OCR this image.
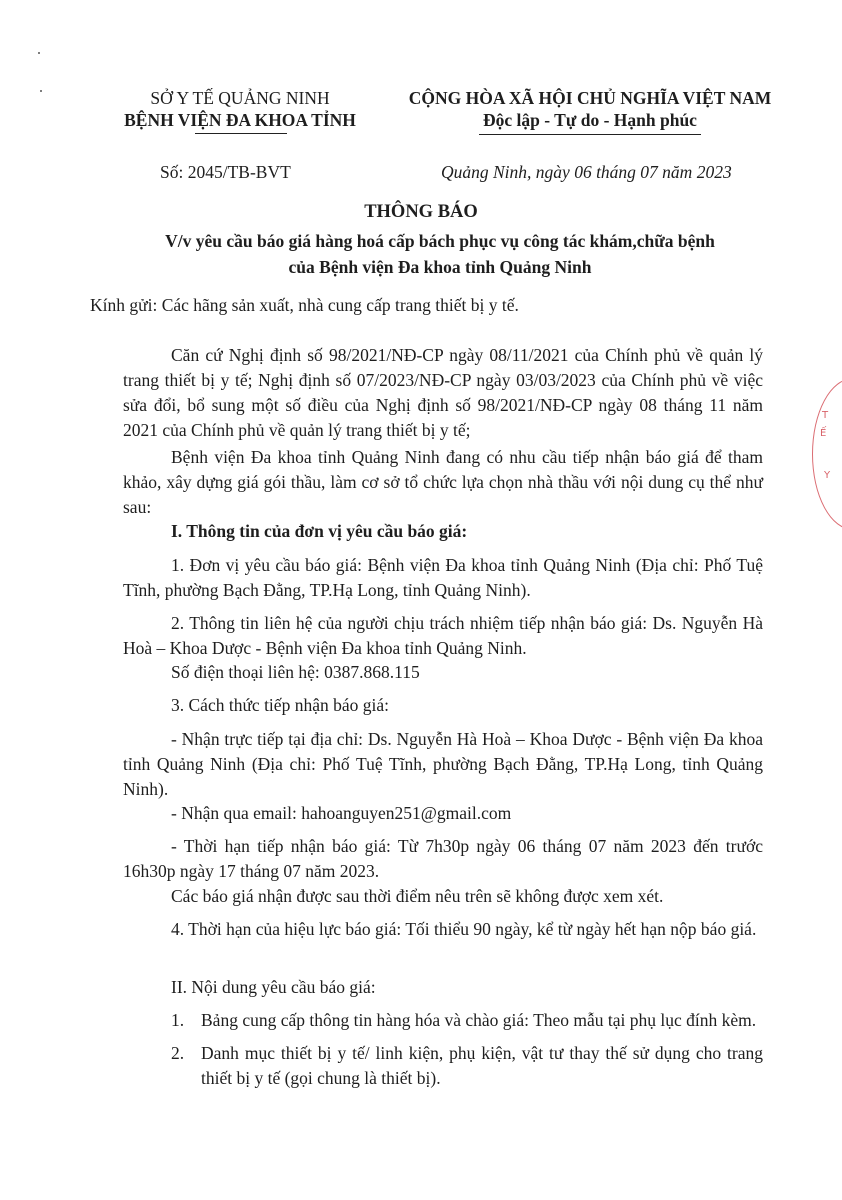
SỞ Y TẾ QUẢNG NINH
BỆNH VIỆN ĐA KHOA TỈNH
CỘNG HÒA XÃ HỘI CHỦ NGHĨA VIỆT NAM
Độc lập - Tự do - Hạnh phúc
Số: 2045/TB-BVT	Quảng Ninh, ngày 06 tháng 07 năm 2023
THÔNG BÁO
V/v yêu cầu báo giá hàng hoá cấp bách phục vụ công tác khám,chữa bệnh
của Bệnh viện Đa khoa tỉnh Quảng Ninh
Kính gửi: Các hãng sản xuất, nhà cung cấp trang thiết bị y tế.
Căn cứ Nghị định số 98/2021/NĐ-CP ngày 08/11/2021 của Chính phủ về quản lý trang thiết bị y tế; Nghị định số 07/2023/NĐ-CP ngày 03/03/2023 của Chính phủ về việc sửa đổi, bổ sung một số điều của Nghị định số 98/2021/NĐ-CP ngày 08 tháng 11 năm 2021 của Chính phủ về quản lý trang thiết bị y tế;
Bệnh viện Đa khoa tỉnh Quảng Ninh đang có nhu cầu tiếp nhận báo giá để tham khảo, xây dựng giá gói thầu, làm cơ sở tổ chức lựa chọn nhà thầu với nội dung cụ thể như sau:
I. Thông tin của đơn vị yêu cầu báo giá:
1. Đơn vị yêu cầu báo giá: Bệnh viện Đa khoa tỉnh Quảng Ninh (Địa chỉ: Phố Tuệ Tĩnh, phường Bạch Đằng, TP.Hạ Long, tỉnh Quảng Ninh).
2. Thông tin liên hệ của người chịu trách nhiệm tiếp nhận báo giá: Ds. Nguyễn Hà Hoà – Khoa Dược - Bệnh viện Đa khoa tỉnh Quảng Ninh.
Số điện thoại liên hệ: 0387.868.115
3. Cách thức tiếp nhận báo giá:
- Nhận trực tiếp tại địa chỉ: Ds. Nguyễn Hà Hoà – Khoa Dược - Bệnh viện Đa khoa tỉnh Quảng Ninh (Địa chỉ: Phố Tuệ Tĩnh, phường Bạch Đằng, TP.Hạ Long, tỉnh Quảng Ninh).
- Nhận qua email: hahoanguyen251@gmail.com
- Thời hạn tiếp nhận báo giá: Từ 7h30p ngày 06 tháng 07 năm 2023 đến trước 16h30p ngày 17 tháng 07 năm 2023.
Các báo giá nhận được sau thời điểm nêu trên sẽ không được xem xét.
4. Thời hạn của hiệu lực báo giá: Tối thiểu 90 ngày, kể từ ngày hết hạn nộp báo giá.
II. Nội dung yêu cầu báo giá:
1. Bảng cung cấp thông tin hàng hóa và chào giá: Theo mẫu tại phụ lục đính kèm.
2. Danh mục thiết bị y tế/ linh kiện, phụ kiện, vật tư thay thế sử dụng cho trang thiết bị y tế (gọi chung là thiết bị).
T
Ế
Y
